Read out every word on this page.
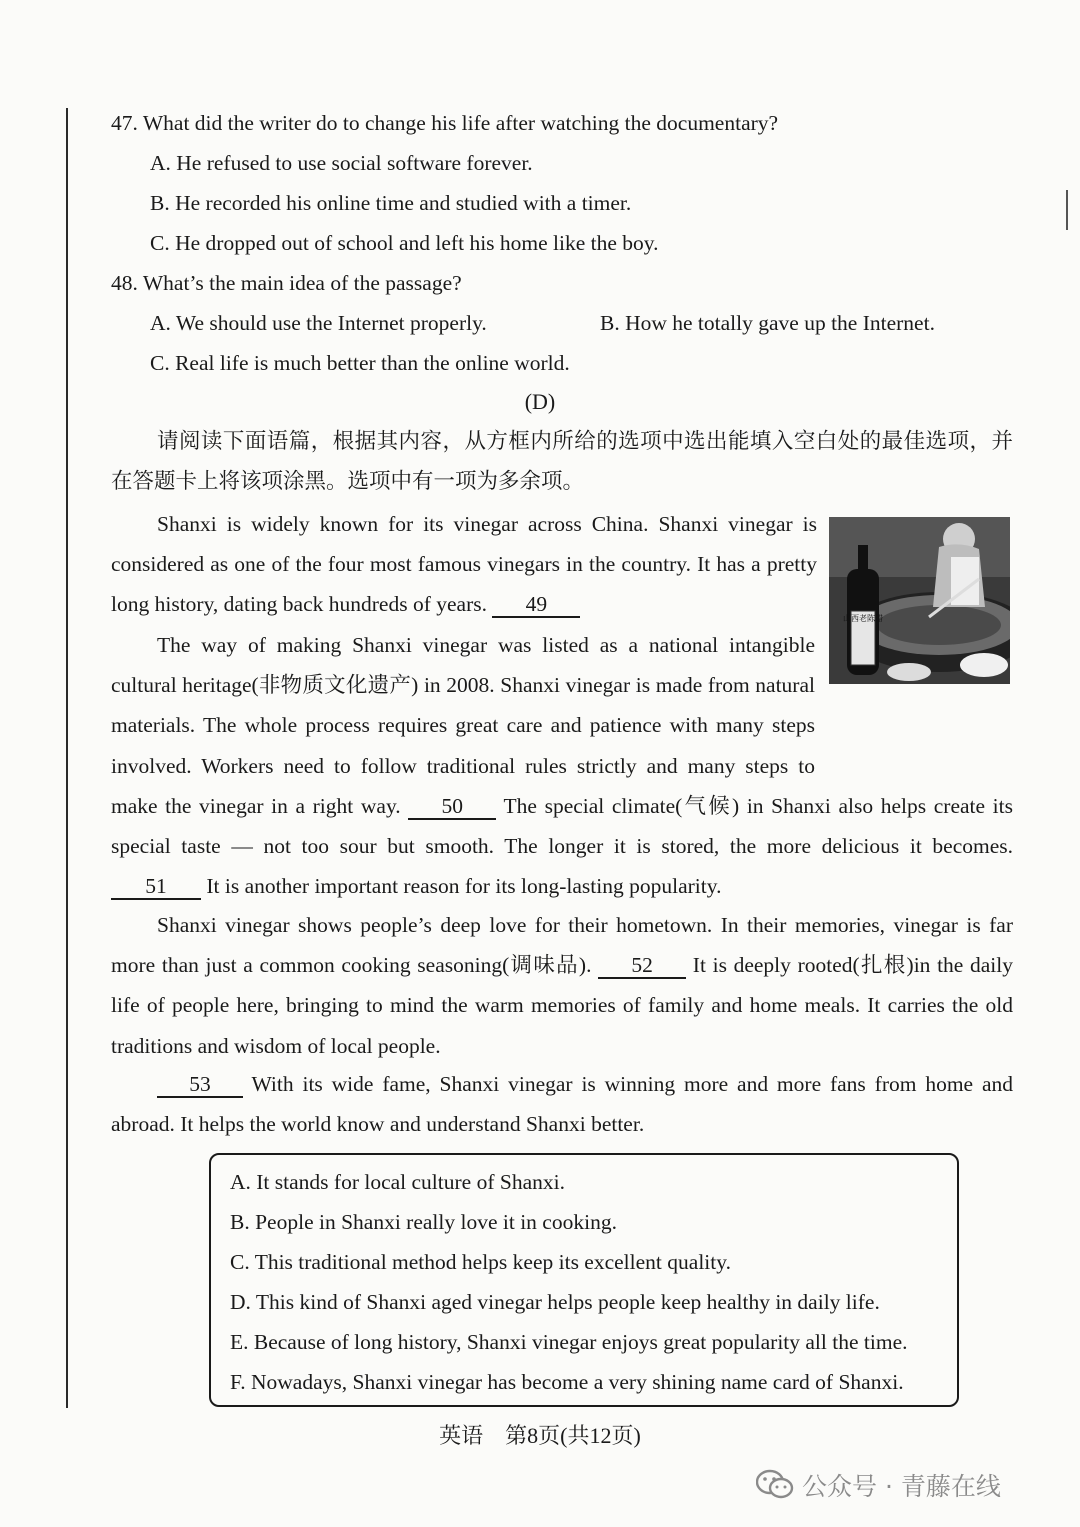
47. What did the writer do to change his life after watching the documentary?
A. He refused to use social software forever.
B. He recorded his online time and studied with a timer.
C. He dropped out of school and left his home like the boy.
48. What’s the main idea of the passage?
A. We should use the Internet properly.	B. How he totally gave up the Internet.
C. Real life is much better than the online world.
(D)
请阅读下面语篇，根据其内容，从方框内所给的选项中选出能填入空白处的最佳选项，并在答题卡上将该项涂黑。选项中有一项为多余项。
Shanxi is widely known for its vinegar across China. Shanxi vinegar is considered as one of the four most famous vinegars in the country. It has a pretty long history, dating back hundreds of years. 49
The way of making Shanxi vinegar was listed as a national intangible cultural heritage(非物质文化遗产) in 2008. Shanxi vinegar is made from natural materials. The whole process requires great care and patience with many steps involved. Workers need to follow traditional rules strictly and many steps to make the vinegar in a right way. 50 The special climate(气候) in Shanxi also helps create its special taste — not too sour but smooth. The longer it is stored, the more delicious it becomes. 51 It is another important reason for its long-lasting popularity.
Shanxi vinegar shows people’s deep love for their hometown. In their memories, vinegar is far more than just a common cooking seasoning(调味品). 52 It is deeply rooted(扎根)in the daily life of people here, bringing to mind the warm memories of family and home meals. It carries the old traditions and wisdom of local people.
53 With its wide fame, Shanxi vinegar is winning more and more fans from home and abroad. It helps the world know and understand Shanxi better.
山西老陈醋
A. It stands for local culture of Shanxi.
B. People in Shanxi really love it in cooking.
C. This traditional method helps keep its excellent quality.
D. This kind of Shanxi aged vinegar helps people keep healthy in daily life.
E. Because of long history, Shanxi vinegar enjoys great popularity all the time.
F. Nowadays, Shanxi vinegar has become a very shining name card of Shanxi.
英语　第8页(共12页)
公众号 · 青藤在线
